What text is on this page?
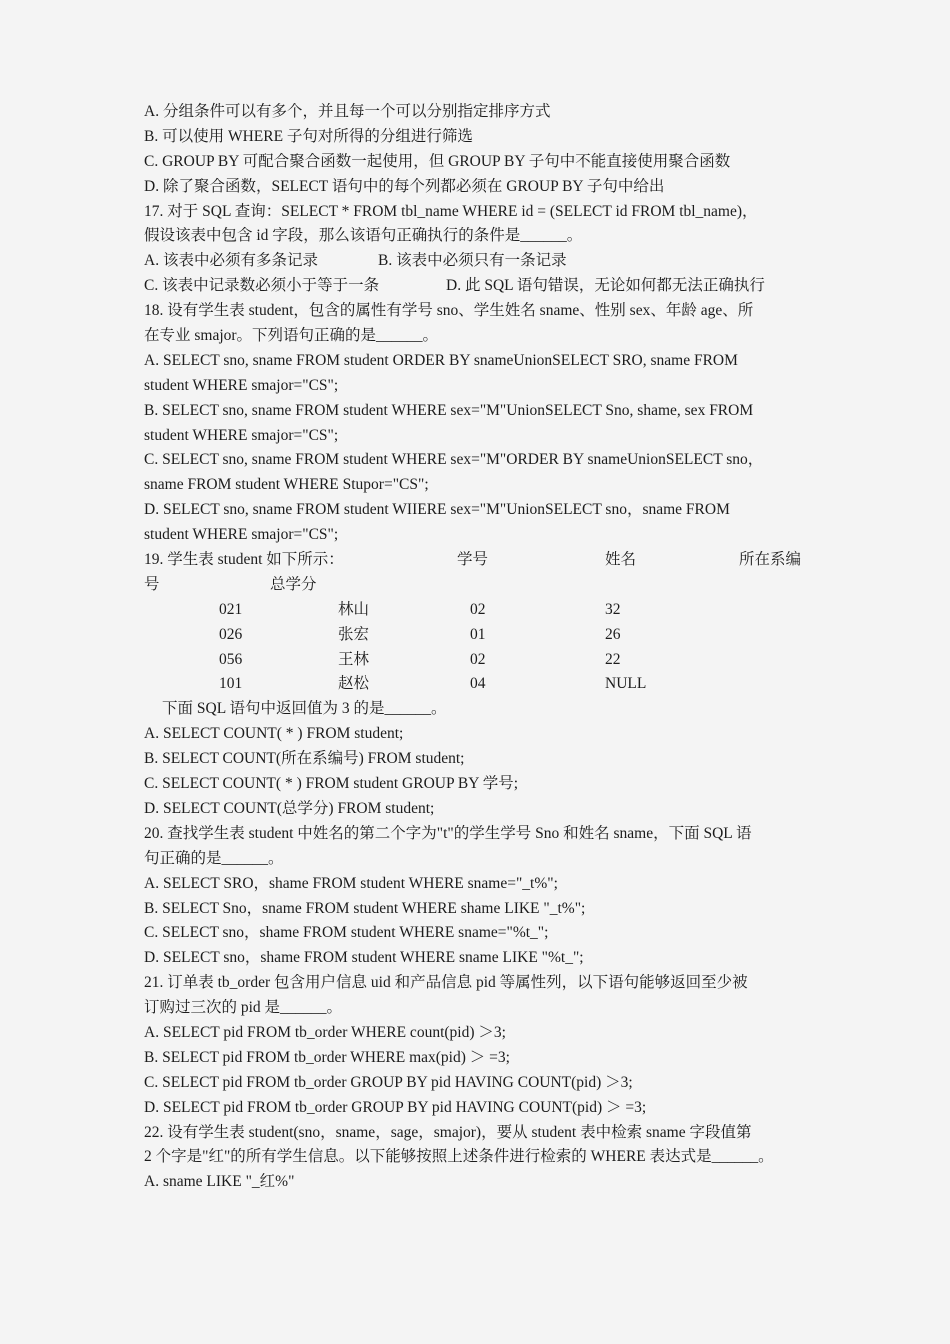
A. 分组条件可以有多个，并且每一个可以分别指定排序方式
B. 可以使用 WHERE 子句对所得的分组进行筛选
C. GROUP BY 可配合聚合函数一起使用，但 GROUP BY 子句中不能直接使用聚合函数
D. 除了聚合函数，SELECT 语句中的每个列都必须在 GROUP BY 子句中给出
17. 对于 SQL 查询：SELECT * FROM tbl_name WHERE id = (SELECT id FROM tbl_name)，
假设该表中包含 id 字段，那么该语句正确执行的条件是______。
A. 该表中必须有多条记录	B. 该表中必须只有一条记录
C. 该表中记录数必须小于等于一条	D. 此 SQL 语句错误，无论如何都无法正确执行
18. 设有学生表 student，包含的属性有学号 sno、学生姓名 sname、性别 sex、年龄 age、所
在专业 smajor。下列语句正确的是______。
A. SELECT sno, sname FROM student ORDER BY snameUnionSELECT SRO, sname FROM
student WHERE smajor="CS";
B. SELECT sno, sname FROM student WHERE sex="M"UnionSELECT Sno, shame, sex FROM
student WHERE smajor="CS";
C. SELECT sno, sname FROM student WHERE sex="M"ORDER BY snameUnionSELECT sno，
sname FROM student WHERE Stupor="CS";
D. SELECT sno, sname FROM student WIIERE sex="M"UnionSELECT sno，sname FROM
student WHERE smajor="CS";
19. 学生表 student 如下所示：	学号	姓名	所在系编
号	总学分
021	林山	02	32
026	张宏	01	26
056	王林	02	22
101	赵松	04	NULL
下面 SQL 语句中返回值为 3 的是______。
A. SELECT COUNT( * ) FROM student;
B. SELECT COUNT(所在系编号) FROM student;
C. SELECT COUNT( * ) FROM student GROUP BY 学号;
D. SELECT COUNT(总学分) FROM student;
20. 查找学生表 student 中姓名的第二个字为"t"的学生学号 Sno 和姓名 sname，下面 SQL 语
句正确的是______。
A. SELECT SRO，shame FROM student WHERE sname="_t%";
B. SELECT Sno，sname FROM student WHERE shame LIKE "_t%";
C. SELECT sno，shame FROM student WHERE sname="%t_";
D. SELECT sno，shame FROM student WHERE sname LIKE "%t_";
21. 订单表 tb_order 包含用户信息 uid 和产品信息 pid 等属性列，以下语句能够返回至少被
订购过三次的 pid 是______。
A. SELECT pid FROM tb_order WHERE count(pid) ＞3;
B. SELECT pid FROM tb_order WHERE max(pid) ＞ =3;
C. SELECT pid FROM tb_order GROUP BY pid HAVING COUNT(pid) ＞3;
D. SELECT pid FROM tb_order GROUP BY pid HAVING COUNT(pid) ＞ =3;
22. 设有学生表 student(sno，sname，sage，smajor)，要从 student 表中检索 sname 字段值第
2 个字是"红"的所有学生信息。以下能够按照上述条件进行检索的 WHERE 表达式是______。
A. sname LIKE "_红%"
